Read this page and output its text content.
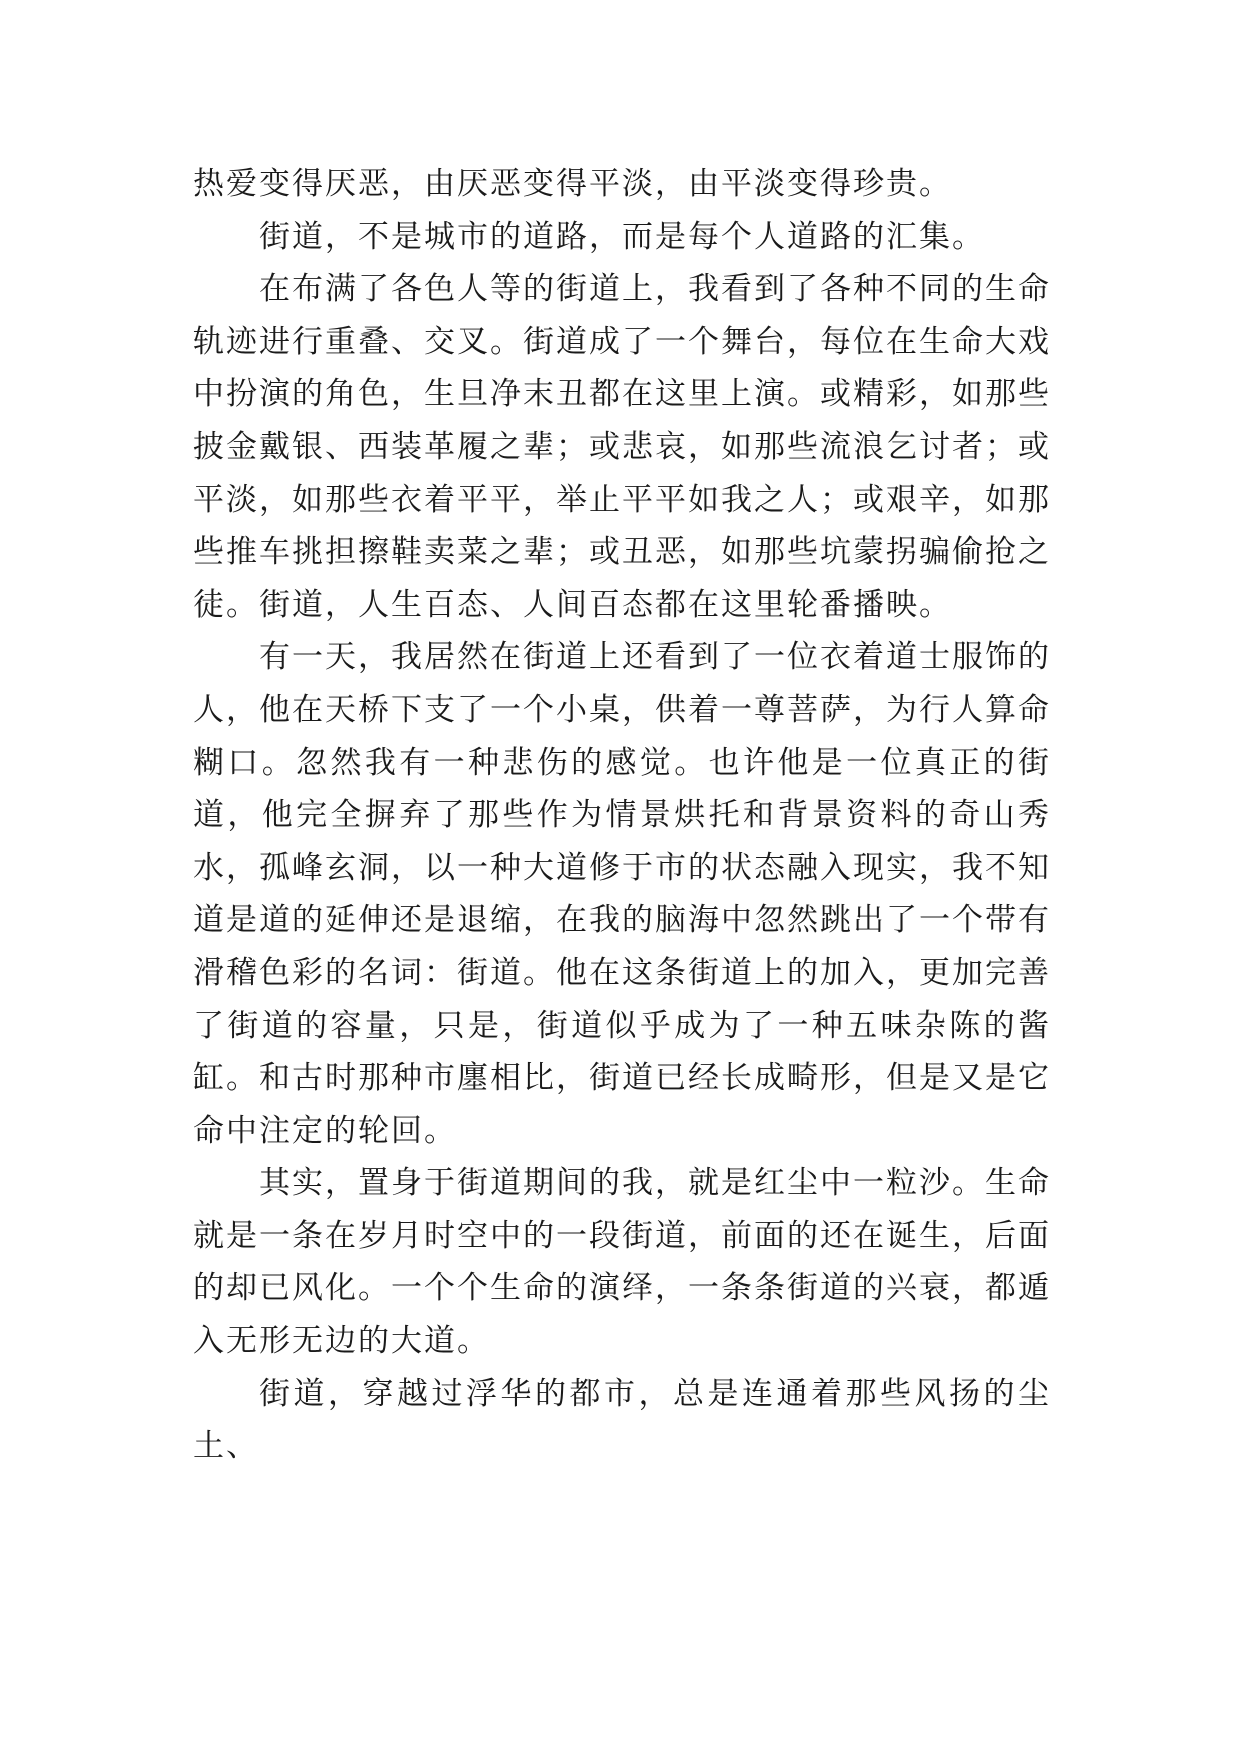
热爱变得厌恶，由厌恶变得平淡，由平淡变得珍贵。

街道，不是城市的道路，而是每个人道路的汇集。

在布满了各色人等的街道上，我看到了各种不同的生命轨迹进行重叠、交叉。街道成了一个舞台，每位在生命大戏中扮演的角色，生旦净末丑都在这里上演。或精彩，如那些披金戴银、西装革履之辈；或悲哀，如那些流浪乞讨者；或平淡，如那些衣着平平，举止平平如我之人；或艰辛，如那些推车挑担擦鞋卖菜之辈；或丑恶，如那些坑蒙拐骗偷抢之徒。街道，人生百态、人间百态都在这里轮番播映。

有一天，我居然在街道上还看到了一位衣着道士服饰的人，他在天桥下支了一个小桌，供着一尊菩萨，为行人算命糊口。忽然我有一种悲伤的感觉。也许他是一位真正的街道，他完全摒弃了那些作为情景烘托和背景资料的奇山秀水，孤峰玄洞，以一种大道修于市的状态融入现实，我不知道是道的延伸还是退缩，在我的脑海中忽然跳出了一个带有滑稽色彩的名词：街道。他在这条街道上的加入，更加完善了街道的容量，只是，街道似乎成为了一种五味杂陈的酱缸。和古时那种市廛相比，街道已经长成畸形，但是又是它命中注定的轮回。

其实，置身于街道期间的我，就是红尘中一粒沙。生命就是一条在岁月时空中的一段街道，前面的还在诞生，后面的却已风化。一个个生命的演绎，一条条街道的兴衰，都遁入无形无边的大道。

街道，穿越过浮华的都市，总是连通着那些风扬的尘土、
